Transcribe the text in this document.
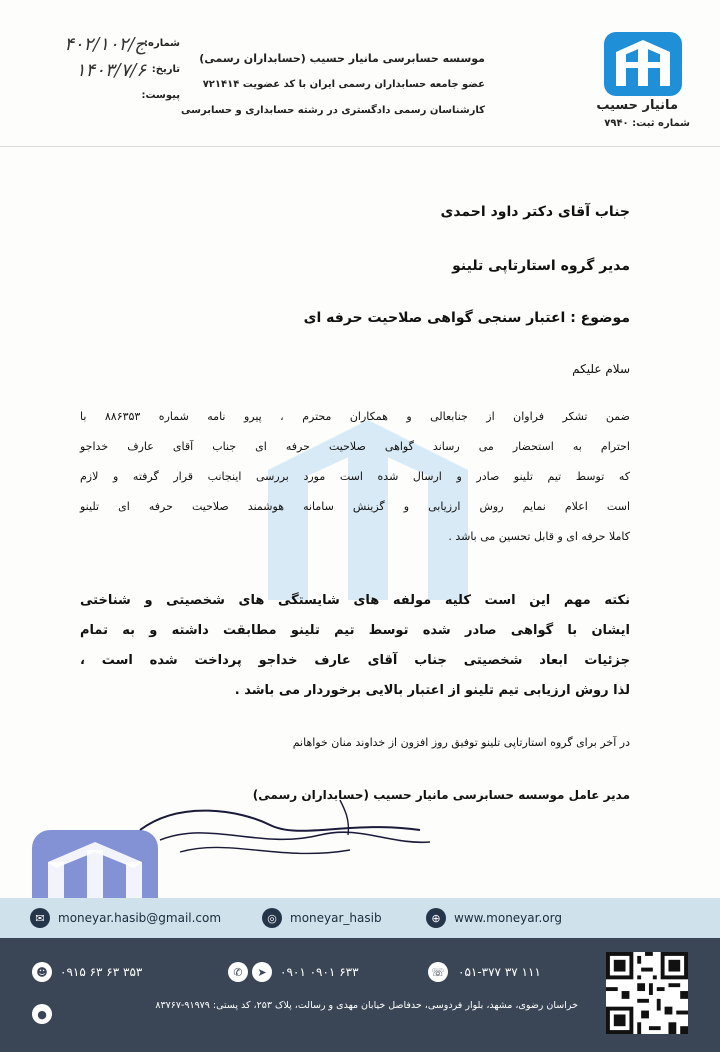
مانیار حسیب
شماره ثبت: ۷۹۴۰
موسسه حسابرسی مانیار حسیب (حسابداران رسمی)
عضو جامعه حسابداران رسمی ایران با کد عضویت ۷۲۱۴۱۴
کارشناسان رسمی دادگستری در رشته حسابداری و حسابرسی
شماره:
۴۰۲/ج/۱۰۲
تاریخ:
۱۴۰۳/۷/۶
پیوست:
جناب آقای دکتر داود احمدی
مدیر گروه استارتاپی تلینو
موضوع : اعتبار سنجی گواهی صلاحیت حرفه ای
سلام علیکم
ضمن تشکر فراوان از جنابعالی و همکاران محترم ، پیرو نامه شماره ۸۸۶۳۵۳ با
احترام به استحضار می رساند گواهی صلاحیت حرفه ای جناب آقای عارف خداجو
که توسط تیم تلینو صادر و ارسال شده است مورد بررسی اینجانب قرار گرفته و لازم
است اعلام نمایم روش ارزیابی و گزینش سامانه هوشمند صلاحیت حرفه ای تلینو
کاملا حرفه ای و قابل تحسین می باشد .
نکته مهم این است کلیه مولفه های شایستگی های شخصیتی و شناختی
ایشان با گواهی صادر شده توسط تیم تلینو مطابقت داشته و به تمام
جزئیات ابعاد شخصیتی جناب آقای عارف خداجو پرداخت شده است ،
لذا روش ارزیابی تیم تلینو از اعتبار بالایی برخوردار می باشد .
در آخر برای گروه استارتاپی تلینو توفیق روز افزون از خداوند منان خواهانم
مدیر عامل موسسه حسابرسی مانیار حسیب (حسابداران رسمی)
✉	moneyar.hasib@gmail.com	◎	moneyar_hasib	⊕	www.moneyar.org
☻	۰۹۱۵ ۶۳ ۶۳ ۳۵۳	✆	➤	۰۹۰۱ ۰۹۰۱ ۶۳۳	☏ ۰۵۱-۳۷۷ ۳۷ ۱۱۱
●
خراسان رضوی، مشهد، بلوار فردوسی، حدفاصل خیابان مهدی و رسالت، پلاک ۲۵۳، کد پستی: ۹۱۹۷۹-۸۳۷۶۷
